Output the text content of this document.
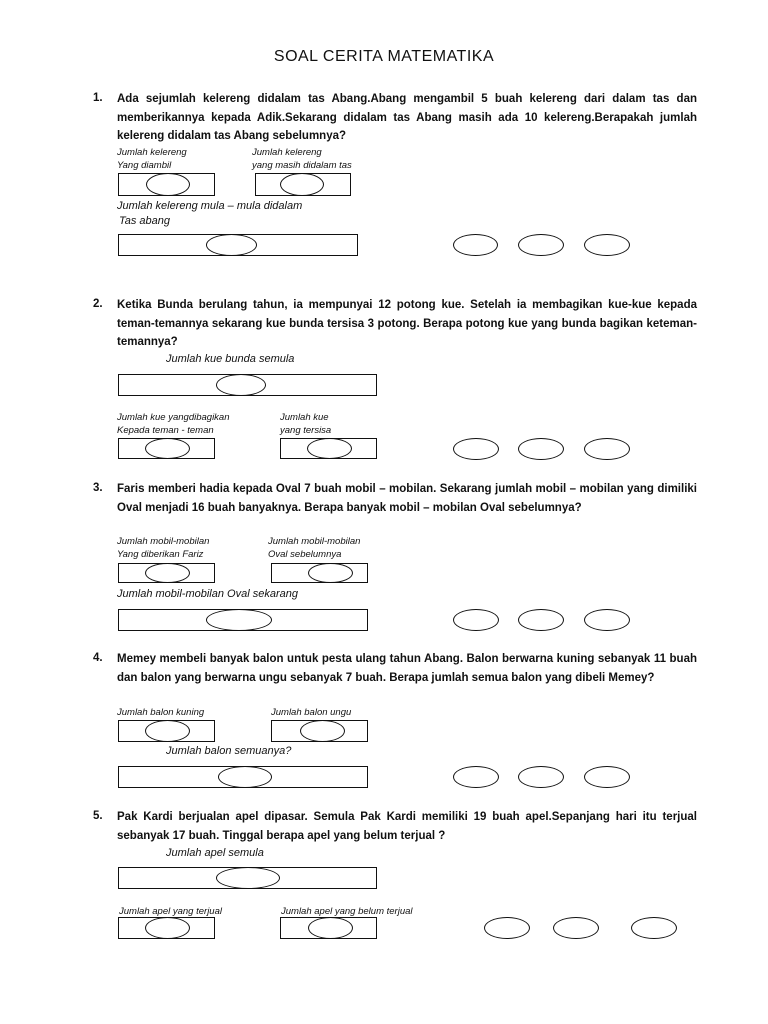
SOAL CERITA MATEMATIKA
1. Ada sejumlah kelereng didalam tas Abang.Abang mengambil 5 buah kelereng dari dalam tas dan memberikannya kepada Adik.Sekarang didalam tas Abang masih ada 10 kelereng.Berapakah jumlah kelereng didalam tas Abang sebelumnya?
Jumlah kelereng
Yang diambil
Jumlah kelereng
yang masih didalam tas
Jumlah kelereng mula – mula didalam
Tas abang
2. Ketika Bunda berulang tahun, ia mempunyai 12 potong kue. Setelah ia membagikan kue-kue kepada teman-temannya sekarang kue bunda tersisa 3 potong. Berapa potong kue yang bunda bagikan keteman- temannya?
Jumlah kue bunda semula
Jumlah kue yangdibagikan
Kepada teman - teman
Jumlah kue
yang tersisa
3. Faris memberi hadia kepada Oval 7 buah mobil – mobilan. Sekarang jumlah mobil – mobilan yang dimiliki Oval menjadi 16 buah banyaknya. Berapa banyak mobil – mobilan Oval sebelumnya?
Jumlah mobil-mobilan
Yang diberikan Fariz
Jumlah mobil-mobilan
Oval sebelumnya
Jumlah mobil-mobilan Oval sekarang
4. Memey membeli banyak balon untuk pesta ulang tahun Abang. Balon berwarna kuning sebanyak 11 buah dan balon yang berwarna ungu sebanyak 7 buah. Berapa jumlah semua balon yang dibeli Memey?
Jumlah balon kuning	Jumlah balon ungu
Jumlah balon semuanya?
5. Pak Kardi berjualan apel dipasar. Semula Pak Kardi memiliki 19 buah apel.Sepanjang hari itu terjual sebanyak 17 buah. Tinggal berapa apel yang belum terjual ?
Jumlah apel semula
Jumlah apel yang terjual	Jumlah apel yang belum terjual
